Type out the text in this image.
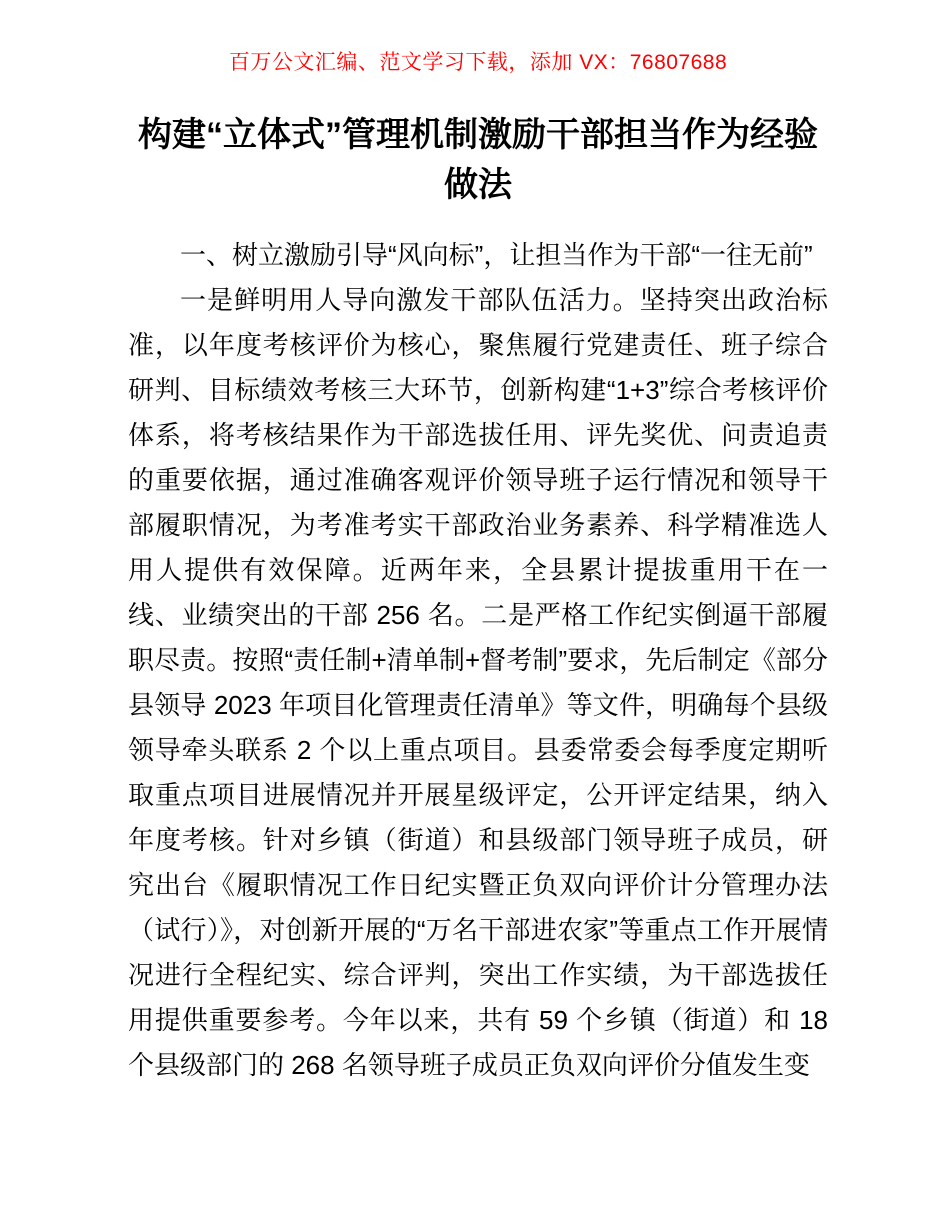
百万公文汇编、范文学习下载，添加 VX：76807688
构建“立体式”管理机制激励干部担当作为经验做法
一、树立激励引导“风向标”，让担当作为干部“一往无前”

一是鲜明用人导向激发干部队伍活力。坚持突出政治标准，以年度考核评价为核心，聚焦履行党建责任、班子综合研判、目标绩效考核三大环节，创新构建“1+3”综合考核评价体系，将考核结果作为干部选拔任用、评先奖优、问责追责的重要依据，通过准确客观评价领导班子运行情况和领导干部履职情况，为考准考实干部政治业务素养、科学精准选人用人提供有效保障。近两年来，全县累计提拔重用干在一线、业绩突出的干部 256 名。二是严格工作纪实倒逼干部履职尽责。按照“责任制+清单制+督考制”要求，先后制定《部分县领导 2023 年项目化管理责任清单》等文件，明确每个县级领导牵头联系 2 个以上重点项目。县委常委会每季度定期听取重点项目进展情况并开展星级评定，公开评定结果，纳入年度考核。针对乡镇（街道）和县级部门领导班子成员，研究出台《履职情况工作日纪实暨正负双向评价计分管理办法（试行）》，对创新开展的“万名干部进农家”等重点工作开展情况进行全程纪实、综合评判，突出工作实绩，为干部选拔任用提供重要参考。今年以来，共有 59 个乡镇（街道）和 18 个县级部门的 268 名领导班子成员正负双向评价分值发生变
